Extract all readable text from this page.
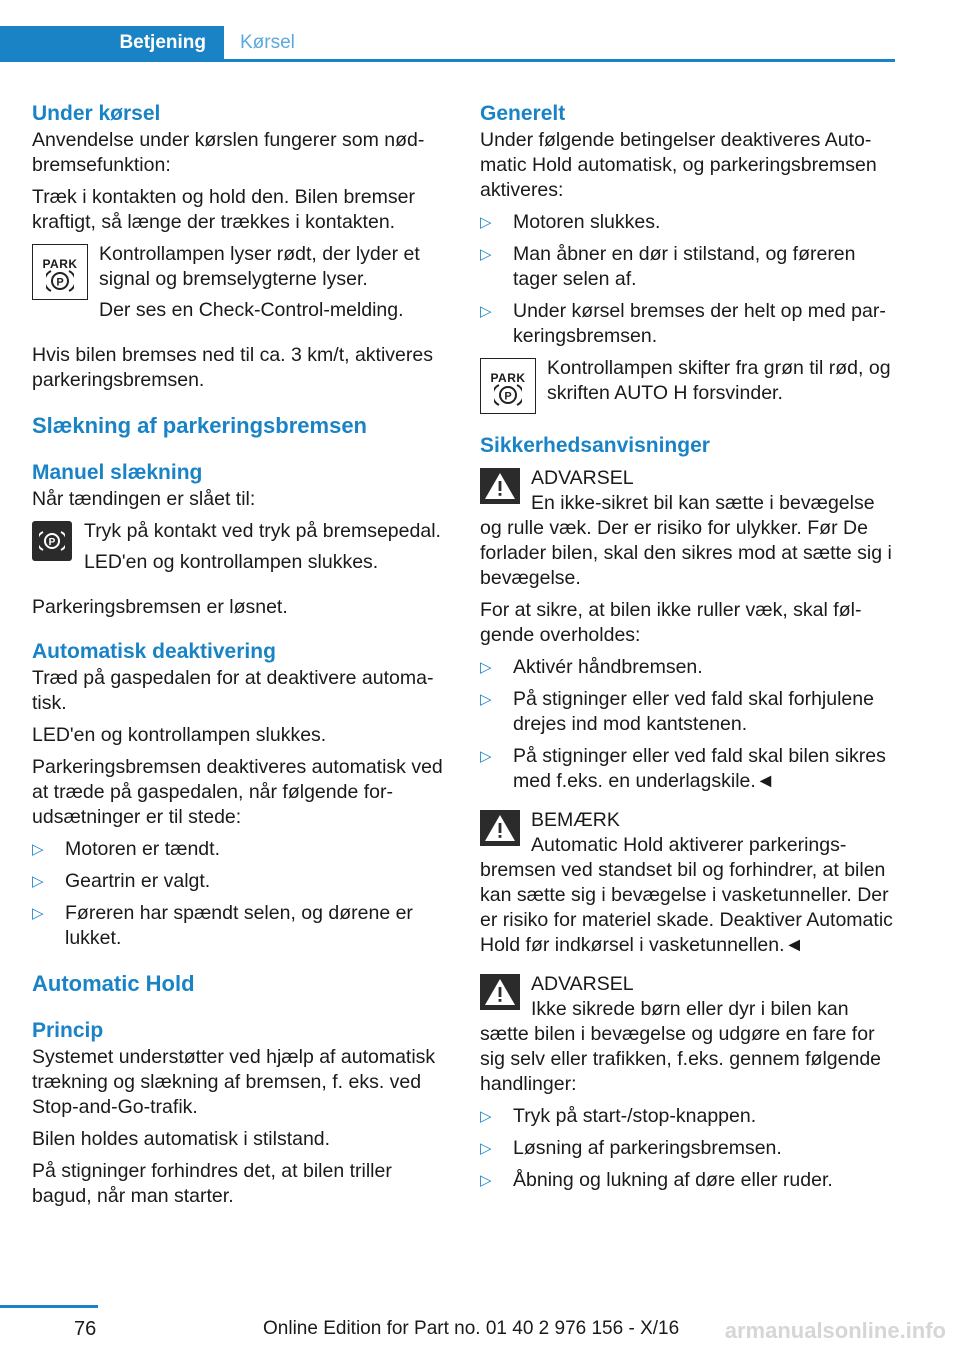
Betjening	Kørsel
Under kørsel
Anvendelse under kørslen fungerer som nødbremsefunktion:
Træk i kontakten og hold den. Bilen bremser kraftigt, så længe der trækkes i kontakten.
PARK
P
Kontrollampen lyser rødt, der lyder et signal og bremselygterne lyser.
Der ses en Check-Control-melding.
Hvis bilen bremses ned til ca. 3 km/t, aktiveres parkeringsbremsen.
Slækning af parkeringsbremsen
Manuel slækning
Når tændingen er slået til:
P
Tryk på kontakt ved tryk på bremsepedal.
LED'en og kontrollampen slukkes.
Parkeringsbremsen er løsnet.
Automatisk deaktivering
Træd på gaspedalen for at deaktivere automatisk.
LED'en og kontrollampen slukkes.
Parkeringsbremsen deaktiveres automatisk ved at træde på gaspedalen, når følgende forudsætninger er til stede:
▷ Motoren er tændt.
▷ Geartrin er valgt.
▷ Føreren har spændt selen, og dørene er lukket.
Automatic Hold
Princip
Systemet understøtter ved hjælp af automatisk trækning og slækning af bremsen, f. eks. ved Stop-and-Go-trafik.
Bilen holdes automatisk i stilstand.
På stigninger forhindres det, at bilen triller bagud, når man starter.
Generelt
Under følgende betingelser deaktiveres Automatic Hold automatisk, og parkeringsbremsen aktiveres:
▷ Motoren slukkes.
▷ Man åbner en dør i stilstand, og føreren tager selen af.
▷ Under kørsel bremses der helt op med parkeringsbremsen.
PARK
P
Kontrollampen skifter fra grøn til rød, og skriften AUTO H forsvinder.
Sikkerhedsanvisninger
ADVARSEL
En ikke-sikret bil kan sætte i bevægelse og rulle væk. Der er risiko for ulykker. Før De forlader bilen, skal den sikres mod at sætte sig i bevægelse.
For at sikre, at bilen ikke ruller væk, skal følgende overholdes:
▷ Aktivér håndbremsen.
▷ På stigninger eller ved fald skal forhjulene drejes ind mod kantstenen.
▷ På stigninger eller ved fald skal bilen sikres med f.eks. en underlagskile.◄
BEMÆRK
Automatic Hold aktiverer parkeringsbremsen ved standset bil og forhindrer, at bilen kan sætte sig i bevægelse i vasketunneller. Der er risiko for materiel skade. Deaktiver Automatic Hold før indkørsel i vasketunnellen.◄
ADVARSEL
Ikke sikrede børn eller dyr i bilen kan sætte bilen i bevægelse og udgøre en fare for sig selv eller trafikken, f.eks. gennem følgende handlinger:
▷ Tryk på start-/stop-knappen.
▷ Løsning af parkeringsbremsen.
▷ Åbning og lukning af døre eller ruder.
76	Online Edition for Part no. 01 40 2 976 156 - X/16 armanualsonline.info
